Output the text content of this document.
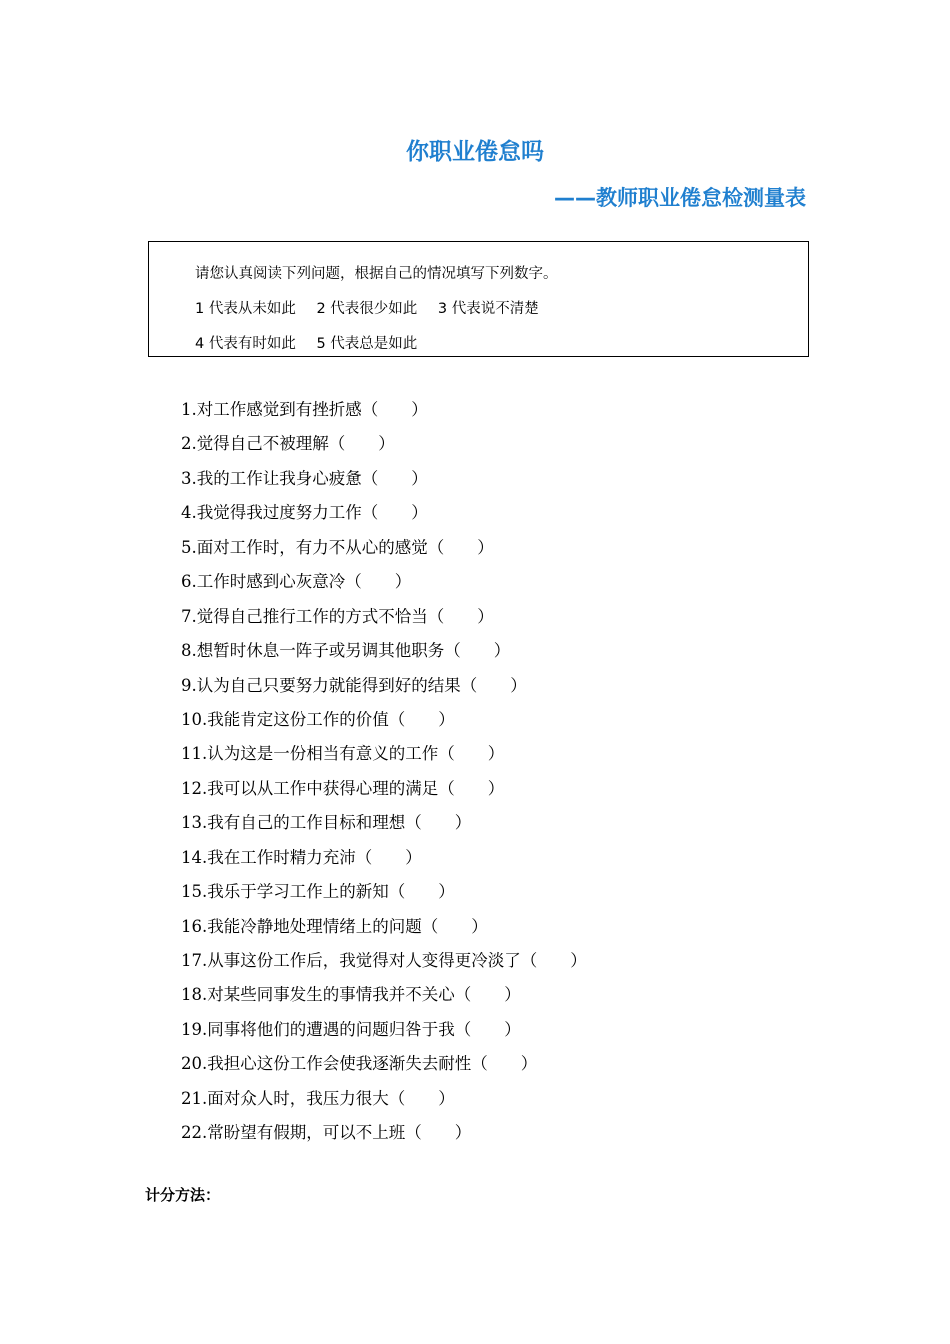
你职业倦怠吗
——教师职业倦怠检测量表
请您认真阅读下列问题，根据自己的情况填写下列数字。
1 代表从未如此 2 代表很少如此 3 代表说不清楚
4 代表有时如此 5 代表总是如此
1.对工作感觉到有挫折感（　　）
2.觉得自己不被理解（　　）
3.我的工作让我身心疲惫（　　）
4.我觉得我过度努力工作（　　）
5.面对工作时，有力不从心的感觉（　　）
6.工作时感到心灰意冷（　　）
7.觉得自己推行工作的方式不恰当（　　）
8.想暂时休息一阵子或另调其他职务（　　）
9.认为自己只要努力就能得到好的结果（　　）
10.我能肯定这份工作的价值（　　）
11.认为这是一份相当有意义的工作（　　）
12.我可以从工作中获得心理的满足（　　）
13.我有自己的工作目标和理想（　　）
14.我在工作时精力充沛（　　）
15.我乐于学习工作上的新知（　　）
16.我能冷静地处理情绪上的问题（　　）
17.从事这份工作后，我觉得对人变得更冷淡了（　　）
18.对某些同事发生的事情我并不关心（　　）
19.同事将他们的遭遇的问题归咎于我（　　）
20.我担心这份工作会使我逐渐失去耐性（　　）
21.面对众人时，我压力很大（　　）
22.常盼望有假期，可以不上班（　　）
计分方法：
